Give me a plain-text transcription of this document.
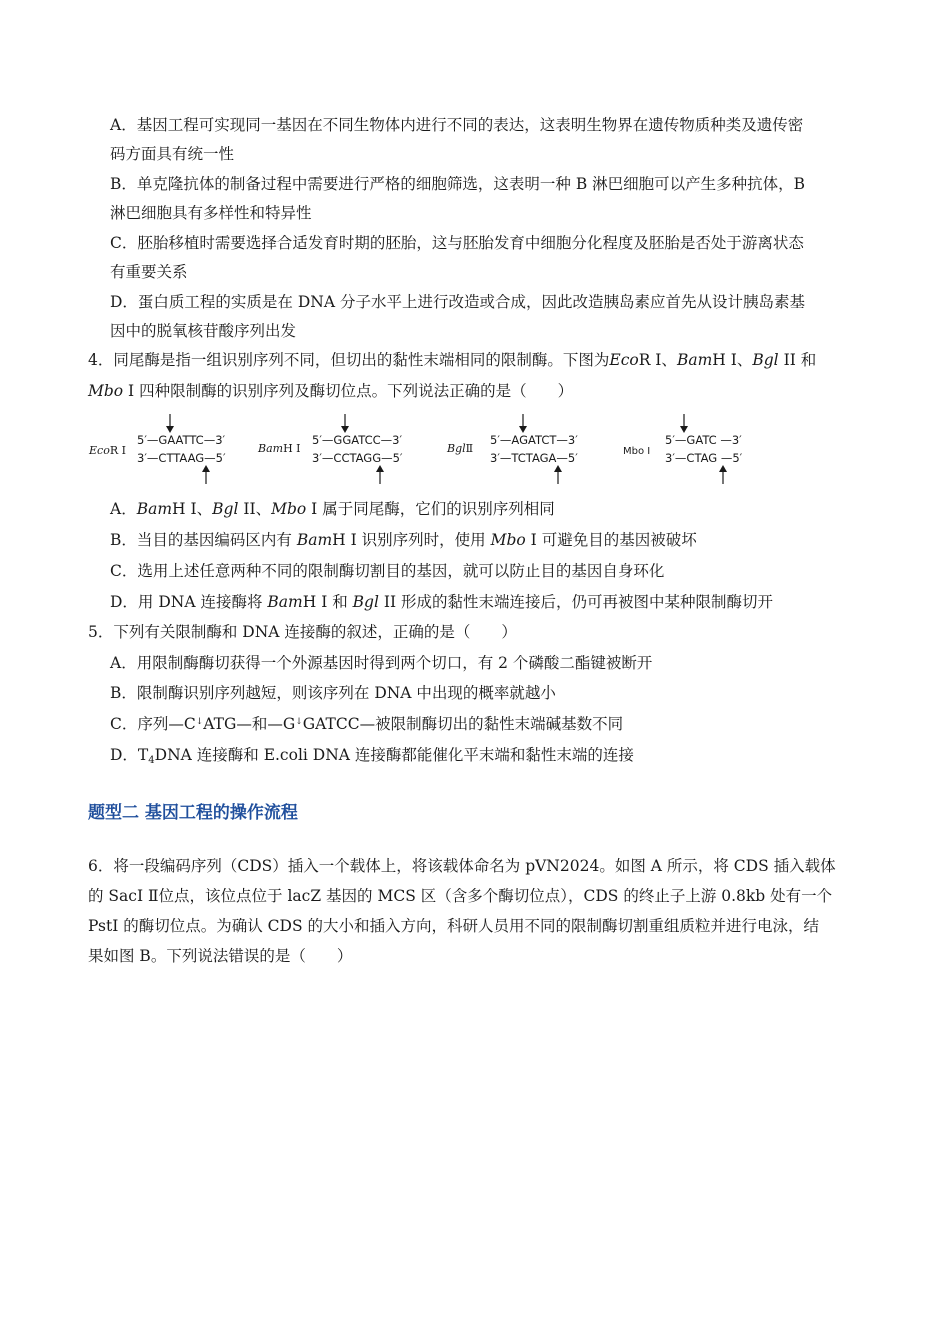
A．基因工程可实现同一基因在不同生物体内进行不同的表达，这表明生物界在遗传物质种类及遗传密
码方面具有统一性
B．单克隆抗体的制备过程中需要进行严格的细胞筛选，这表明一种 B 淋巴细胞可以产生多种抗体，B
淋巴细胞具有多样性和特异性
C．胚胎移植时需要选择合适发育时期的胚胎，这与胚胎发育中细胞分化程度及胚胎是否处于游离状态
有重要关系
D．蛋白质工程的实质是在 DNA 分子水平上进行改造或合成，因此改造胰岛素应首先从设计胰岛素基
因中的脱氧核苷酸序列出发
4．同尾酶是指一组识别序列不同，但切出的黏性末端相同的限制酶。下图为EcoR I、BamH I、Bgl II 和
Mbo I 四种限制酶的识别序列及酶切位点。下列说法正确的是（　　）
EcoR I
5′—GAATTC—3′
3′—CTTAAG—5′
BamH I
5′—GGATCC—3′
3′—CCTAGG—5′
BglⅡ
5′—AGATCT—3′
3′—TCTAGA—5′	Mbo Ⅰ
5′—GATC —3′
3′—CTAG —5′
A．BamH I、Bgl II、Mbo I 属于同尾酶，它们的识别序列相同
B．当目的基因编码区内有 BamH I 识别序列时，使用 Mbo I 可避免目的基因被破坏
C．选用上述任意两种不同的限制酶切割目的基因，就可以防止目的基因自身环化
D．用 DNA 连接酶将 BamH I 和 Bgl II 形成的黏性末端连接后，仍可再被图中某种限制酶切开
5．下列有关限制酶和 DNA 连接酶的叙述，正确的是（　　）
A．用限制酶酶切获得一个外源基因时得到两个切口，有 2 个磷酸二酯键被断开
B．限制酶识别序列越短，则该序列在 DNA 中出现的概率就越小
C．序列—C↓ATG—和—G↓GATCC—被限制酶切出的黏性末端碱基数不同
D．$T_4DNA$ 连接酶和 E.coli DNA 连接酶都能催化平末端和黏性末端的连接
题型二 基因工程的操作流程
6．将一段编码序列（CDS）插入一个载体上，将该载体命名为 pVN2024。如图 A 所示，将 CDS 插入载体
的 SacI Ⅱ位点，该位点位于 lacZ 基因的 MCS 区（含多个酶切位点），CDS 的终止子上游 0.8kb 处有一个
PstI 的酶切位点。为确认 CDS 的大小和插入方向，科研人员用不同的限制酶切割重组质粒并进行电泳，结
果如图 B。下列说法错误的是（　　）
